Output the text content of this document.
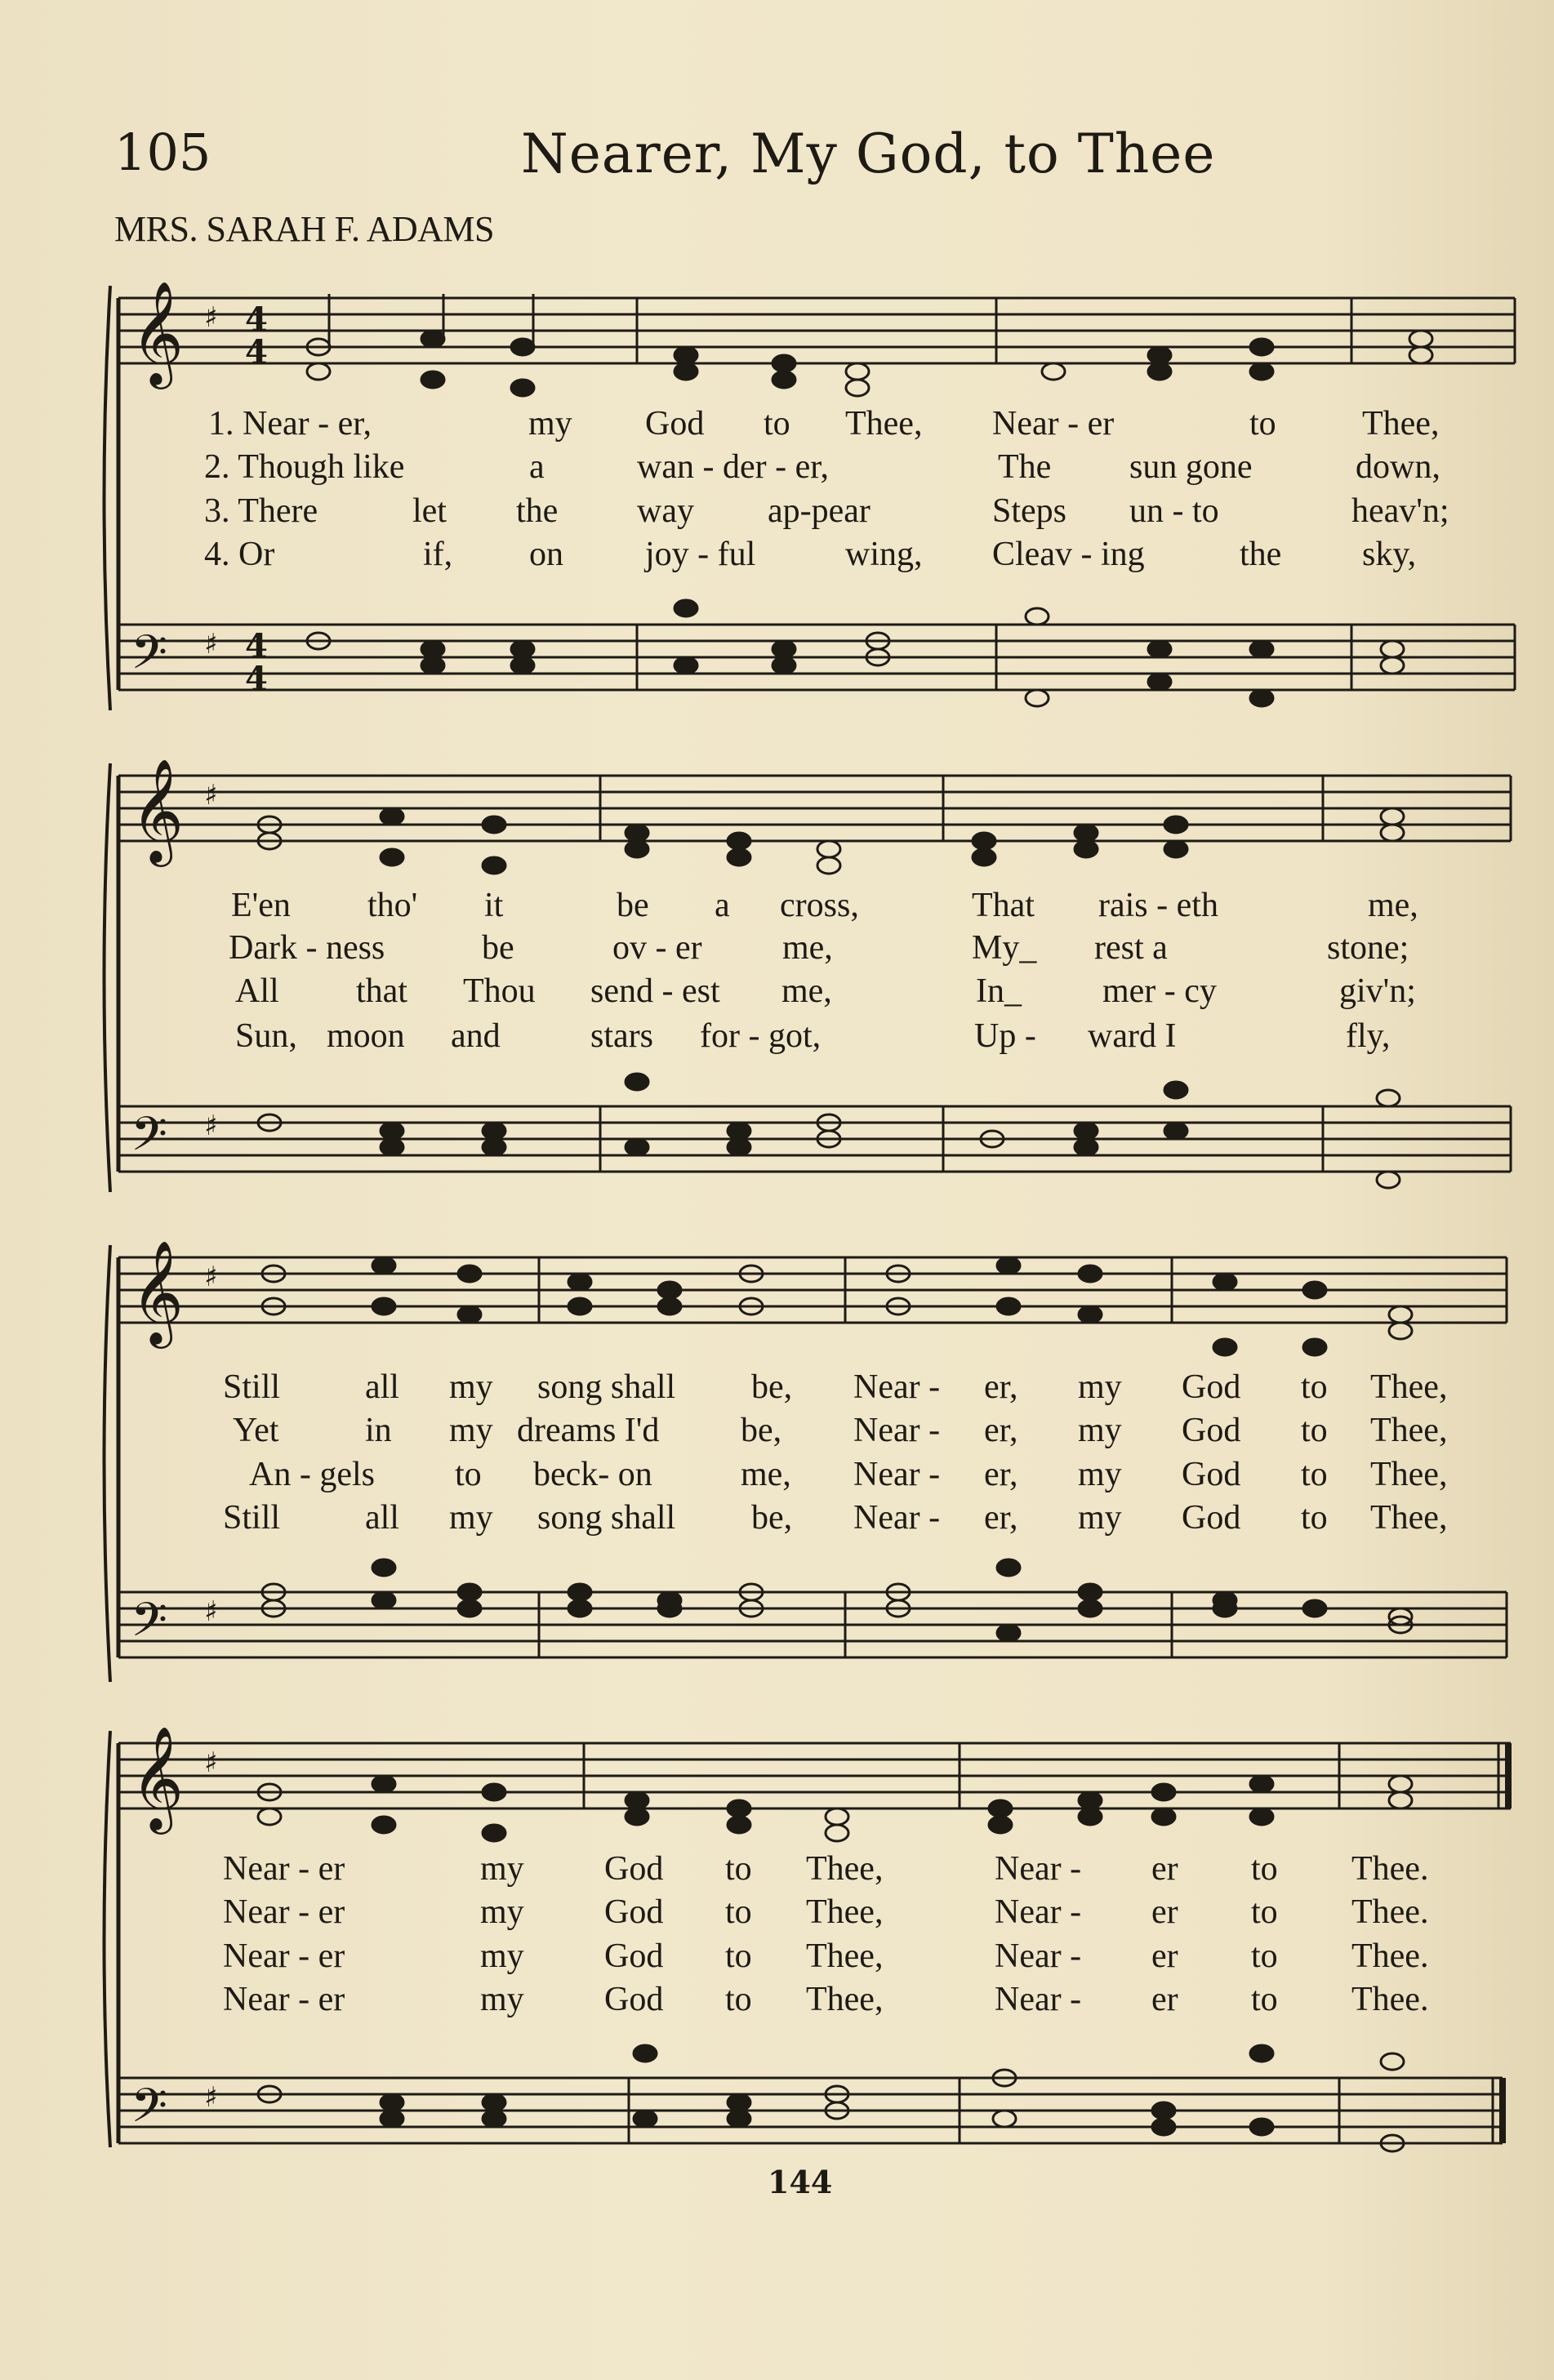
105	Nearer, My God, to Thee
MRS. SARAH F. ADAMS
𝄞
𝄢
♯
♯
4
4
4
4
1. Near - er,	my God to Thee, Near - er	to	Thee,
2. Though like	a	wan - der - er,	The sun gone	down,
3. There	let the way ap-pear	Steps un - to	heav'n;
4. Or	if, on joy - ful	wing, Cleav - ing	the sky,
𝄞
𝄢
♯
♯
E'en tho' it	be a cross,	That rais - eth	me,
Dark - ness	be	ov - er me,	My_ rest a	stone;
All that Thou send - est me,	In_ mer - cy	giv'n;
Sun, moon and	stars for - got,	Up - ward I	fly,
𝄞
𝄢
♯
♯
Still all my song shall be, Near - er, my God to Thee,
Yet	in my dreams I'd be, Near - er, my God to Thee,
An - gels to beck- on	me, Near - er, my God to Thee,
Still all my song shall be, Near - er, my God to Thee,
𝄞
𝄢
♯
♯
Near - er	my God to Thee,	Near - er to Thee.
Near - er	my God to Thee,	Near - er to Thee.
Near - er	my God to Thee,	Near - er to Thee.
Near - er	my God to Thee,	Near - er to Thee.
144
